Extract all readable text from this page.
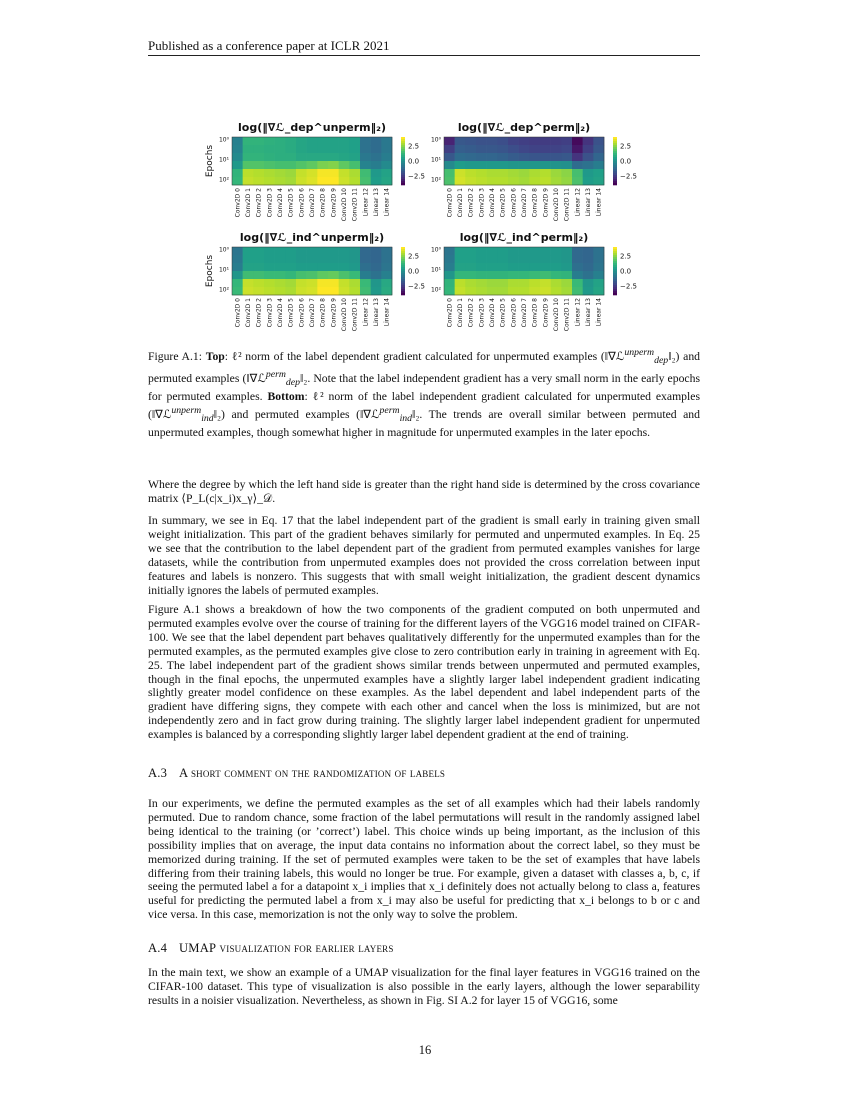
Published as a conference paper at ICLR 2021
log(‖∇ℒ_dep^unperm‖₂)
10⁰
10¹
10²
Epochs
Conv2D 0 Conv2D 1 Conv2D 2 Conv2D 3 Conv2D 4 Conv2D 5 Conv2D 6 Conv2D 7 Conv2D 8 Conv2D 9 Conv2D 10 Conv2D 11 Linear 12 Linear 13 Linear 14
2.5
0.0
−2.5
log(‖∇ℒ_dep^perm‖₂)
10⁰
10¹
10²
Conv2D 0 Conv2D 1 Conv2D 2 Conv2D 3 Conv2D 4 Conv2D 5 Conv2D 6 Conv2D 7 Conv2D 8 Conv2D 9 Conv2D 10 Conv2D 11 Linear 12 Linear 13 Linear 14
2.5
0.0
−2.5
log(‖∇ℒ_ind^unperm‖₂)
10⁰
10¹
10²
Epochs
Conv2D 0 Conv2D 1 Conv2D 2 Conv2D 3 Conv2D 4 Conv2D 5 Conv2D 6 Conv2D 7 Conv2D 8 Conv2D 9 Conv2D 10 Conv2D 11 Linear 12 Linear 13 Linear 14
2.5
0.0
−2.5
log(‖∇ℒ_ind^perm‖₂)
10⁰
10¹
10²
Conv2D 0 Conv2D 1 Conv2D 2 Conv2D 3 Conv2D 4 Conv2D 5 Conv2D 6 Conv2D 7 Conv2D 8 Conv2D 9 Conv2D 10 Conv2D 11 Linear 12 Linear 13 Linear 14
2.5
0.0
−2.5

Figure A.1: Top: ℓ² norm of the label dependent gradient calculated for unpermuted examples (‖∇ℒ$^{unperm}_{dep}$‖₂) and permuted examples (‖∇ℒ$^{perm}_{dep}$‖₂. Note that the label independent gradient has a very small norm in the early epochs for permuted examples. Bottom: ℓ² norm of the label independent gradient calculated for unpermuted examples (‖∇ℒ$^{unperm}_{ind}$‖₂) and permuted examples (‖∇ℒ$^{perm}_{ind}$‖₂. The trends are overall similar between permuted and unpermuted examples, though somewhat higher in magnitude for unpermuted examples in the later epochs.

Where the degree by which the left hand side is greater than the right hand side is determined by the cross covariance matrix ⟨P_L(c|x_i)x_γ⟩_𝒟.

In summary, we see in Eq. 17 that the label independent part of the gradient is small early in training given small weight initialization. This part of the gradient behaves similarly for permuted and unpermuted examples. In Eq. 25 we see that the contribution to the label dependent part of the gradient from permuted examples vanishes for large datasets, while the contribution from unpermuted examples does not provided the cross correlation between input features and labels is nonzero. This suggests that with small weight initialization, the gradient descent dynamics initially ignores the labels of permuted examples.

Figure A.1 shows a breakdown of how the two components of the gradient computed on both unpermuted and permuted examples evolve over the course of training for the different layers of the VGG16 model trained on CIFAR-100. We see that the label dependent part behaves qualitatively differently for the unpermuted examples than for the permuted examples, as the permuted examples give close to zero contribution early in training in agreement with Eq. 25. The label independent part of the gradient shows similar trends between unpermuted and permuted examples, though in the final epochs, the unpermuted examples have a slightly larger label independent gradient indicating slightly greater model confidence on these examples. As the label dependent and label independent parts of the gradient have differing signs, they compete with each other and cancel when the loss is minimized, but are not independently zero and in fact grow during training. The slightly larger label independent gradient for unpermuted examples is balanced by a corresponding slightly larger label dependent gradient at the end of training.

A.3 A short comment on the randomization of labels

In our experiments, we define the permuted examples as the set of all examples which had their labels randomly permuted. Due to random chance, some fraction of the label permutations will result in the randomly assigned label being identical to the training (or ’correct’) label. This choice winds up being important, as the inclusion of this possibility implies that on average, the input data contains no information about the correct label, so they must be memorized during training. If the set of permuted examples were taken to be the set of examples that have labels differing from their training labels, this would no longer be true. For example, given a dataset with classes a, b, c, if seeing the permuted label a for a datapoint x_i implies that x_i definitely does not actually belong to class a, features useful for predicting the permuted label a from x_i may also be useful for predicting that x_i belongs to b or c and vice versa. In this case, memorization is not the only way to solve the problem.

A.4 UMAP visualization for earlier layers

In the main text, we show an example of a UMAP visualization for the final layer features in VGG16 trained on the CIFAR-100 dataset. This type of visualization is also possible in the early layers, although the lower separability results in a noisier visualization. Nevertheless, as shown in Fig. SI A.2 for layer 15 of VGG16, some

16
